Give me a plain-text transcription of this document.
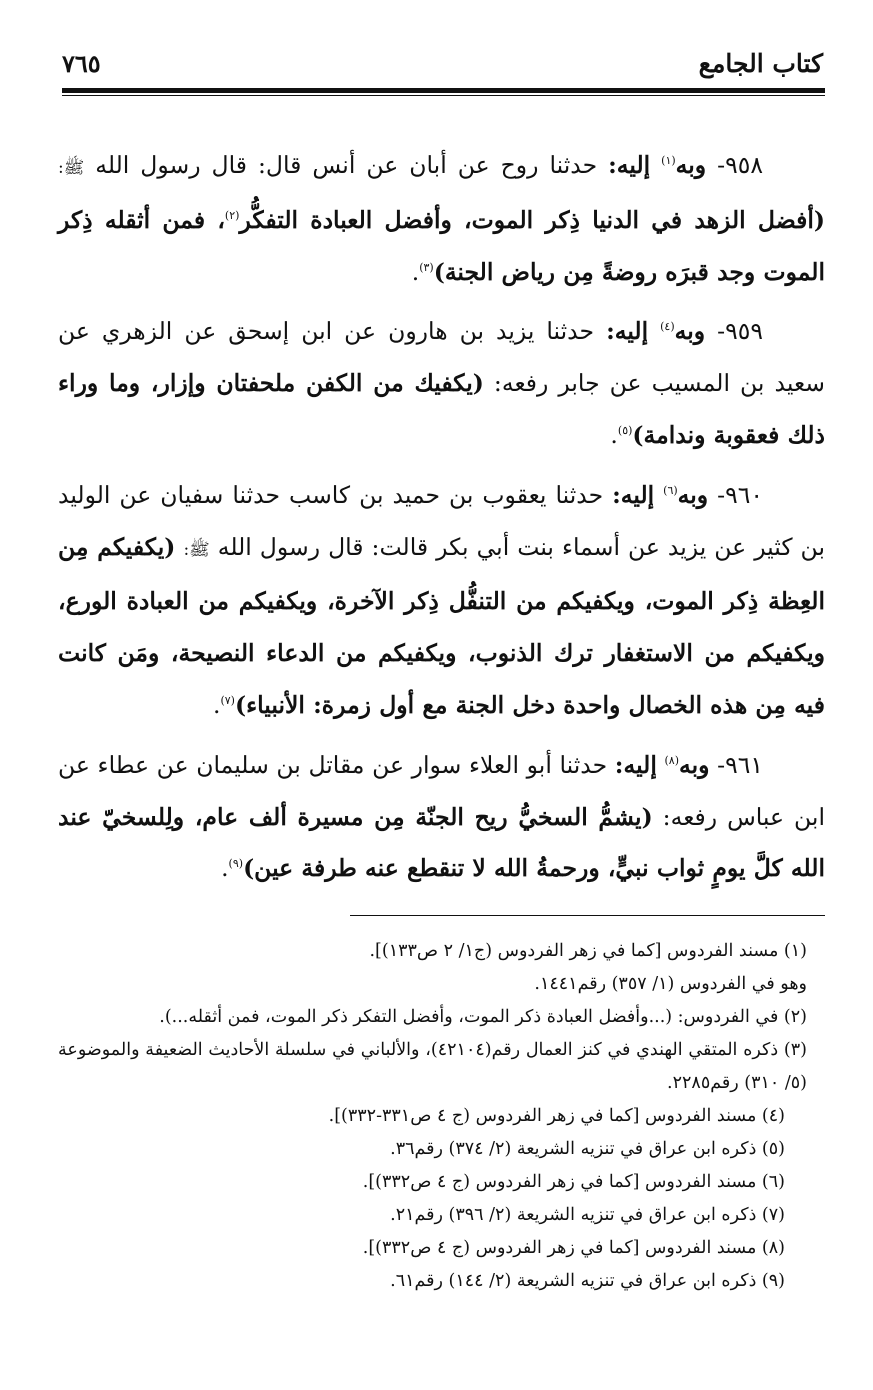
كتاب الجامع
٧٦٥

٩٥٨- وبه$^{(١)}$ إليه: حدثنا روح عن أبان عن أنس قال: قال رسول الله ﷺ: (أفضل الزهد في الدنيا ذِكر الموت، وأفضل العبادة التفكُّر$^{(٢)}$، فمن أثقله ذِكر الموت وجد قبرَه روضةً مِن رياض الجنة)$^{(٣)}$.

٩٥٩- وبه$^{(٤)}$ إليه: حدثنا يزيد بن هارون عن ابن إسحق عن الزهري عن سعيد بن المسيب عن جابر رفعه: (يكفيك من الكفن ملحفتان وإزار، وما وراء ذلك فعقوبة وندامة)$^{(٥)}$.

٩٦٠- وبه$^{(٦)}$ إليه: حدثنا يعقوب بن حميد بن كاسب حدثنا سفيان عن الوليد بن كثير عن يزيد عن أسماء بنت أبي بكر قالت: قال رسول الله ﷺ: (يكفيكم مِن العِظة ذِكر الموت، ويكفيكم من التنفُّل ذِكر الآخرة، ويكفيكم من العبادة الورع، ويكفيكم من الاستغفار ترك الذنوب، ويكفيكم من الدعاء النصيحة، ومَن كانت فيه مِن هذه الخصال واحدة دخل الجنة مع أول زمرة: الأنبياء)$^{(٧)}$.

٩٦١- وبه$^{(٨)}$ إليه: حدثنا أبو العلاء سوار عن مقاتل بن سليمان عن عطاء عن ابن عباس رفعه: (يشمُّ السخيُّ ريح الجنّة مِن مسيرة ألف عام، ولِلسخيّ عند الله كلَّ يومٍ ثواب نبيٍّ، ورحمةُ الله لا تنقطع عنه طرفة عين)$^{(٩)}$.

(١) مسند الفردوس [كما في زهر الفردوس (ج١/ ٢ ص١٣٣)].

وهو في الفردوس (١/ ٣٥٧) رقم١٤٤١.

(٢) في الفردوس: (...وأفضل العبادة ذكر الموت، وأفضل التفكر ذكر الموت، فمن أثقله...).

(٣) ذكره المتقي الهندي في كنز العمال رقم(٤٢١٠٤)، والألباني في سلسلة الأحاديث الضعيفة والموضوعة (٥/ ٣١٠) رقم٢٢٨٥.

(٤) مسند الفردوس [كما في زهر الفردوس (ج ٤ ص٣٣١-٣٣٢)].

(٥) ذكره ابن عراق في تنزيه الشريعة (٢/ ٣٧٤) رقم٣٦.

(٦) مسند الفردوس [كما في زهر الفردوس (ج ٤ ص٣٣٢)].

(٧) ذكره ابن عراق في تنزيه الشريعة (٢/ ٣٩٦) رقم٢١.

(٨) مسند الفردوس [كما في زهر الفردوس (ج ٤ ص٣٣٢)].

(٩) ذكره ابن عراق في تنزيه الشريعة (٢/ ١٤٤) رقم٦١.
